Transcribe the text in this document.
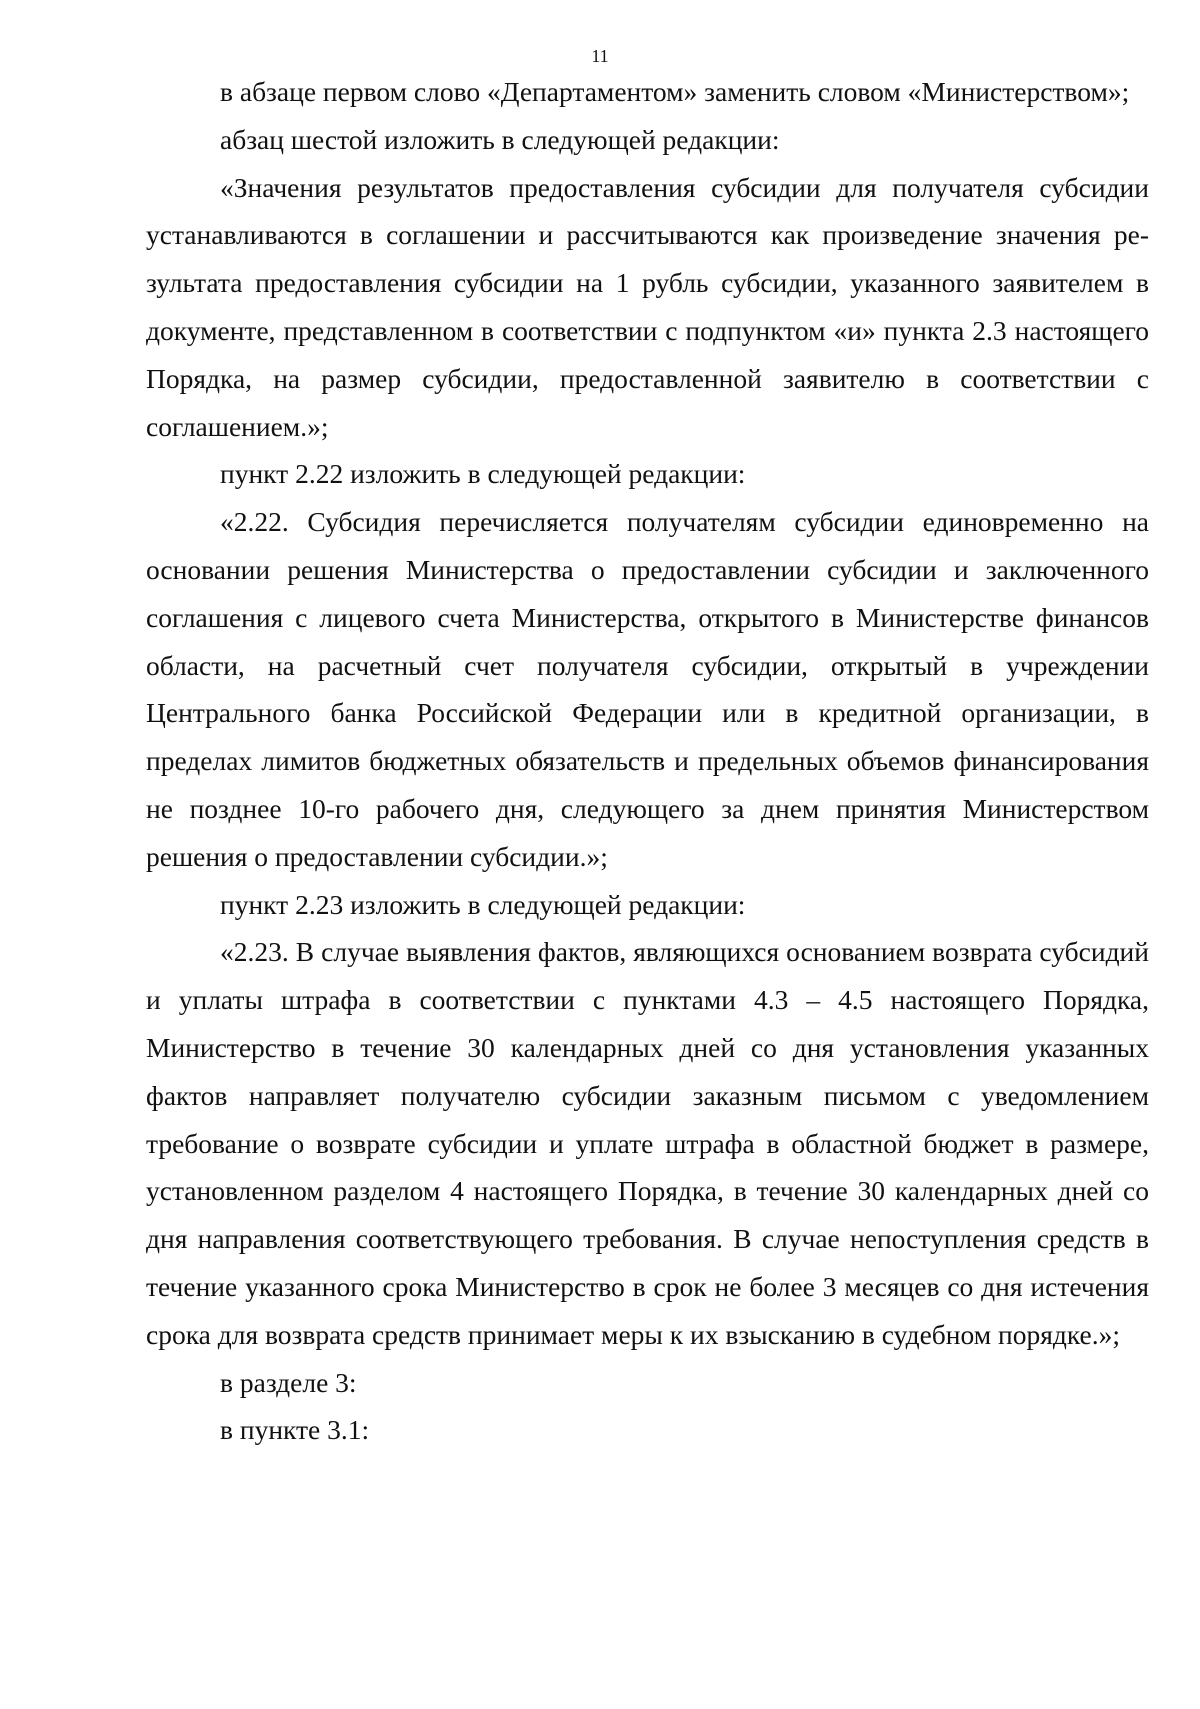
11

в абзаце первом слово «Департаментом» заменить словом «Министерством»;

абзац шестой изложить в следующей редакции:

«Значения результатов предоставления субсидии для получателя субсидии устанавливаются в соглашении и рассчитываются как произведение значения результата предоставления субсидии на 1 рубль субсидии, указанного заявителем в документе, представленном в соответствии с подпунктом «и» пункта 2.3 настоящего Порядка, на размер субсидии, предоставленной заявителю в соответствии с соглашением.»;

пункт 2.22 изложить в следующей редакции:

«2.22. Субсидия перечисляется получателям субсидии единовременно на основании решения Министерства о предоставлении субсидии и заключенного соглашения с лицевого счета Министерства, открытого в Министерстве финансов области, на расчетный счет получателя субсидии, открытый в учреждении Центрального банка Российской Федерации или в кредитной организации, в пределах лимитов бюджетных обязательств и предельных объемов финансирования не позднее 10-го рабочего дня, следующего за днем принятия Министерством решения о предоставлении субсидии.»;

пункт 2.23 изложить в следующей редакции:

«2.23. В случае выявления фактов, являющихся основанием возврата субсидий и уплаты штрафа в соответствии с пунктами 4.3 – 4.5 настоящего Порядка, Министерство в течение 30 календарных дней со дня установления указанных фактов направляет получателю субсидии заказным письмом с уведомлением требование о возврате субсидии и уплате штрафа в областной бюджет в размере, установленном разделом 4 настоящего Порядка, в течение 30 календарных дней со дня направления соответствующего требования. В случае непоступления средств в течение указанного срока Министерство в срок не более 3 месяцев со дня истечения срока для возврата средств принимает меры к их взысканию в судебном порядке.»;

в разделе 3:

в пункте 3.1:
